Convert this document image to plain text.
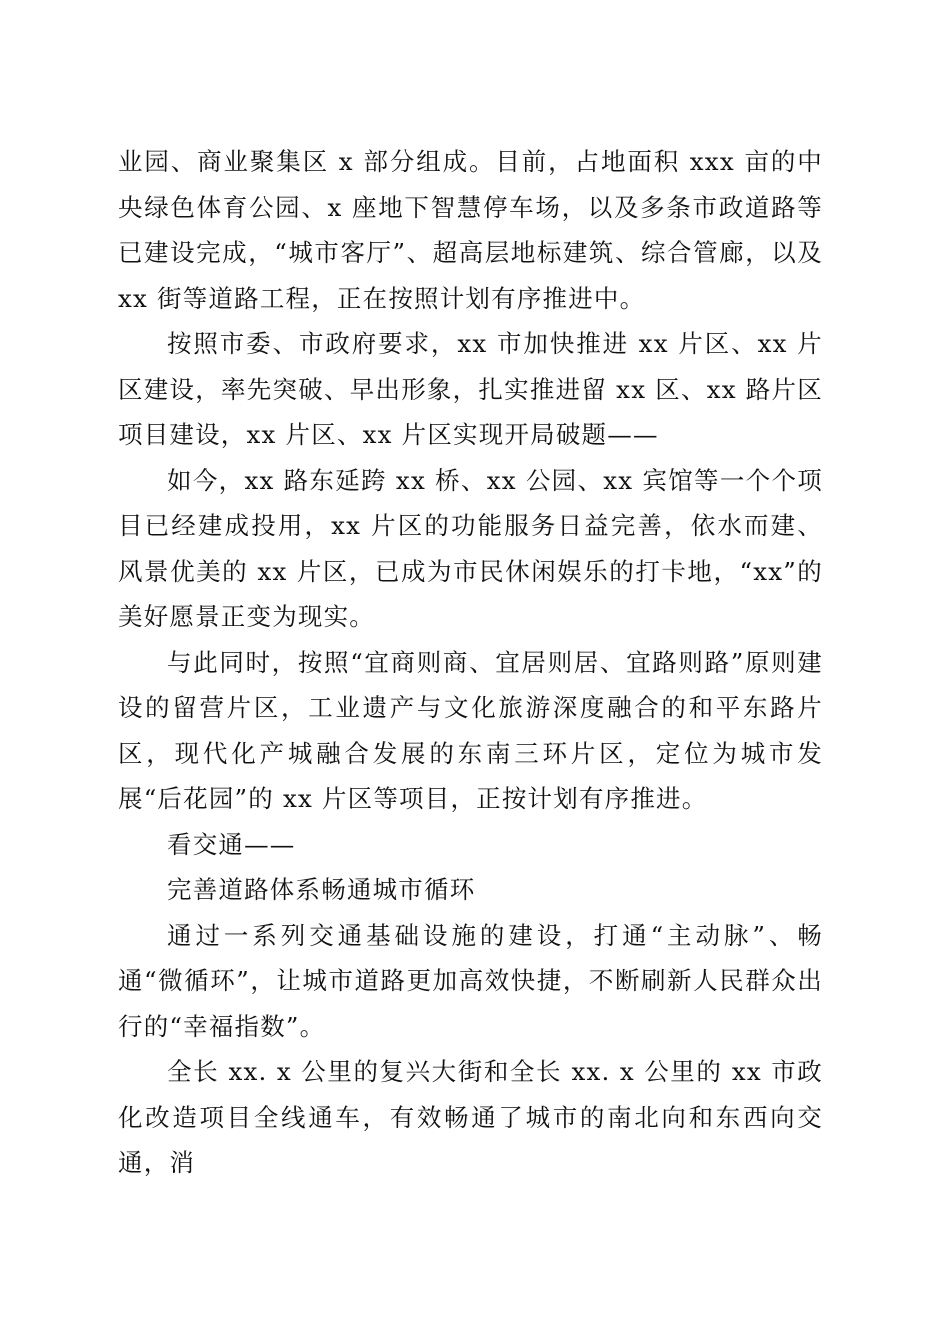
业园、商业聚集区 x 部分组成。目前，占地面积 xxx 亩的中央绿色体育公园、x 座地下智慧停车场，以及多条市政道路等已建设完成，“城市客厅”、超高层地标建筑、综合管廊，以及 xx 街等道路工程，正在按照计划有序推进中。

按照市委、市政府要求，xx 市加快推进 xx 片区、xx 片区建设，率先突破、早出形象，扎实推进留 xx 区、xx 路片区项目建设，xx 片区、xx 片区实现开局破题——

如今，xx 路东延跨 xx 桥、xx 公园、xx 宾馆等一个个项目已经建成投用，xx 片区的功能服务日益完善，依水而建、风景优美的 xx 片区，已成为市民休闲娱乐的打卡地，“xx”的美好愿景正变为现实。

与此同时，按照“宜商则商、宜居则居、宜路则路”原则建设的留营片区，工业遗产与文化旅游深度融合的和平东路片区，现代化产城融合发展的东南三环片区，定位为城市发展“后花园”的 xx 片区等项目，正按计划有序推进。

看交通——

完善道路体系畅通城市循环

通过一系列交通基础设施的建设，打通“主动脉”、畅通“微循环”，让城市道路更加高效快捷，不断刷新人民群众出行的“幸福指数”。

全长 xx. x 公里的复兴大街和全长 xx. x 公里的 xx 市政化改造项目全线通车，有效畅通了城市的南北向和东西向交通，消
